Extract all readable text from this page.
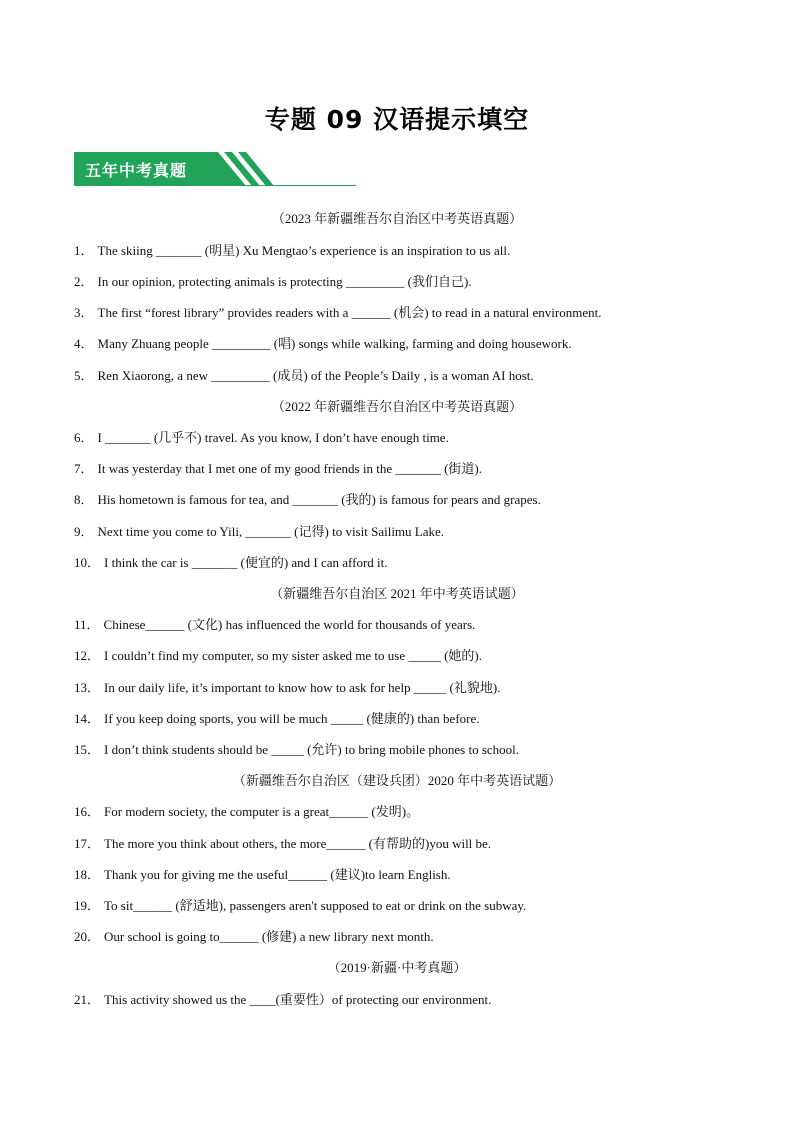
专题 09 汉语提示填空
五年中考真题
（2023 年新疆维吾尔自治区中考英语真题）
1． The skiing _______ (明星) Xu Mengtao’s experience is an inspiration to us all.
2． In our opinion, protecting animals is protecting _________ (我们自己).
3． The first “forest library” provides readers with a ______ (机会) to read in a natural environment.
4． Many Zhuang people _________ (唱) songs while walking, farming and doing housework.
5． Ren Xiaorong, a new _________ (成员) of the People’s Daily , is a woman AI host.
（2022 年新疆维吾尔自治区中考英语真题）
6． I _______ (几乎不) travel. As you know, I don’t have enough time.
7． It was yesterday that I met one of my good friends in the _______ (街道).
8． His hometown is famous for tea, and _______ (我的) is famous for pears and grapes.
9． Next time you come to Yili, _______ (记得) to visit Sailimu Lake.
10． I think the car is _______ (便宜的) and I can afford it.
（新疆维吾尔自治区 2021 年中考英语试题）
11． Chinese______ (文化) has influenced the world for thousands of years.
12． I couldn’t find my computer, so my sister asked me to use _____ (她的).
13． In our daily life, it’s important to know how to ask for help _____ (礼貌地).
14． If you keep doing sports, you will be much _____ (健康的) than before.
15． I don’t think students should be _____ (允许) to bring mobile phones to school.
（新疆维吾尔自治区（建设兵团）2020 年中考英语试题）
16． For modern society, the computer is a great______ (发明)。
17． The more you think about others, the more______ (有帮助的)you will be.
18． Thank you for giving me the useful______ (建议)to learn English.
19． To sit______ (舒适地), passengers aren't supposed to eat or drink on the subway.
20． Our school is going to______ (修建) a new library next month.
（2019·新疆·中考真题）
21． This activity showed us the ____(重要性）of protecting our environment.
